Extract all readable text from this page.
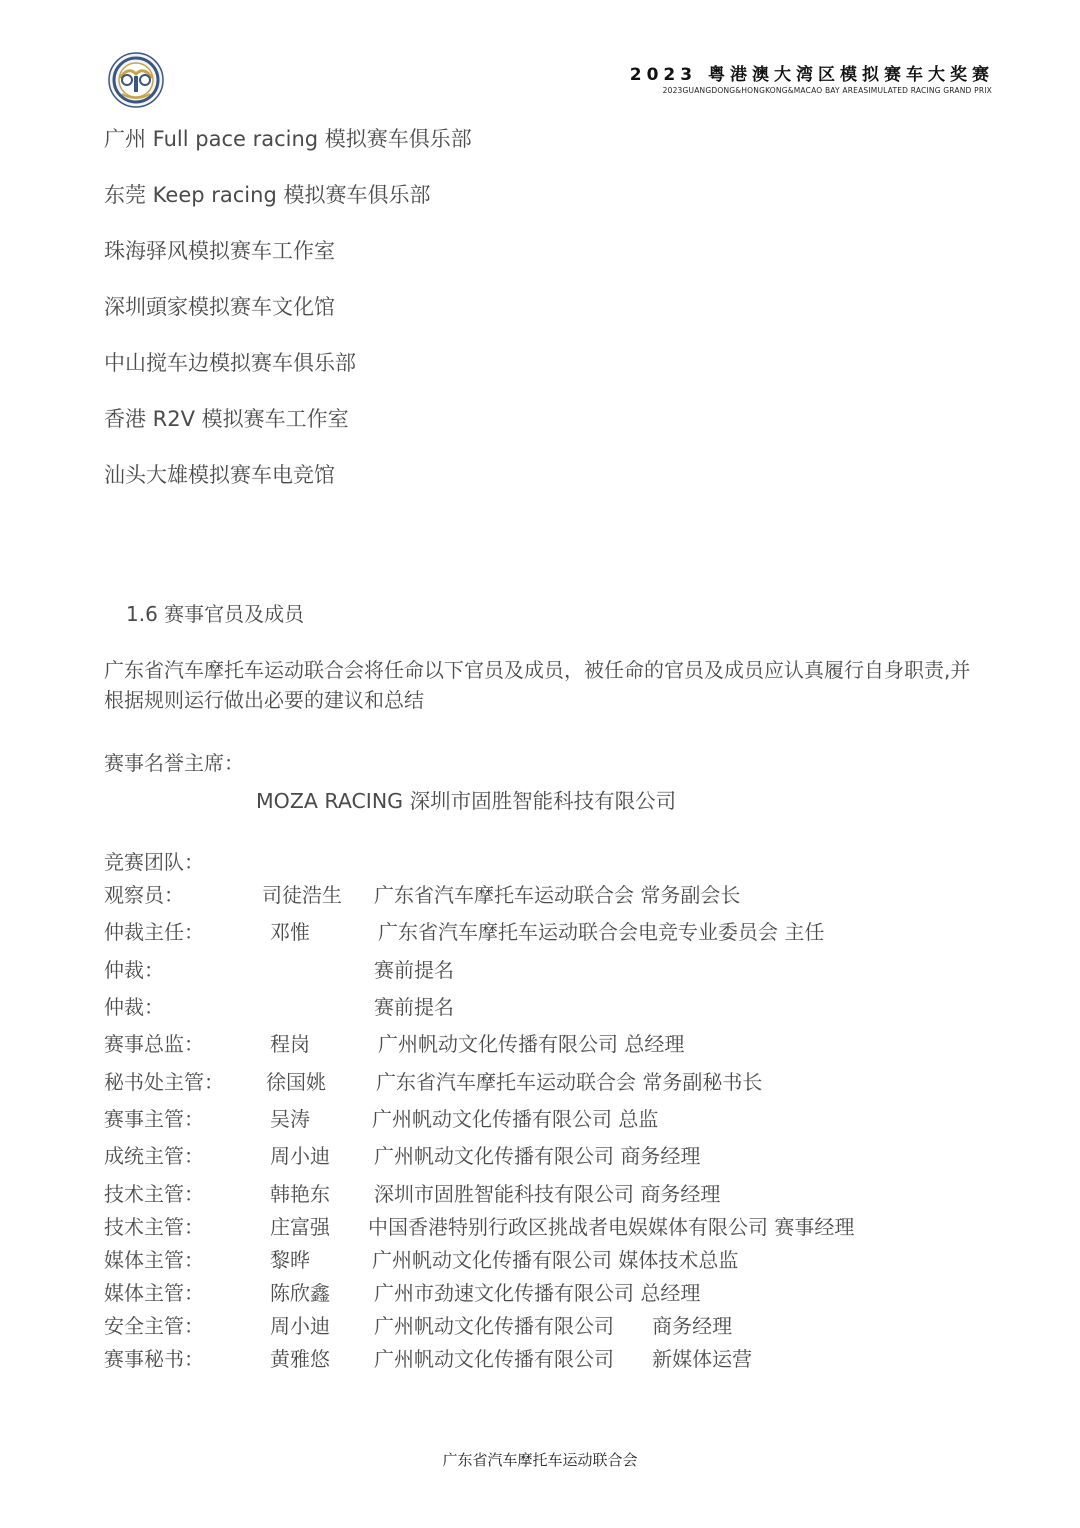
2023 粤港澳大湾区模拟赛车大奖赛
2023GUANGDONG&HONGKONG&MACAO BAY AREASIMULATED RACING GRAND PRIX
广州 Full pace racing 模拟赛车俱乐部
东莞 Keep racing 模拟赛车俱乐部
珠海驿风模拟赛车工作室
深圳頭家模拟赛车文化馆
中山搅车边模拟赛车俱乐部
香港 R2V 模拟赛车工作室
汕头大雄模拟赛车电竞馆
1.6 赛事官员及成员
广东省汽车摩托车运动联合会将任命以下官员及成员，被任命的官员及成员应认真履行自身职责,并根据规则运行做出必要的建议和总结
赛事名誉主席：
MOZA RACING 深圳市固胜智能科技有限公司
竞赛团队：
观察员：	司徒浩生 广东省汽车摩托车运动联合会 常务副会长
仲裁主任：	邓惟	广东省汽车摩托车运动联合会电竞专业委员会 主任
仲裁：	赛前提名
仲裁：	赛前提名
赛事总监：	程岗	广州帆动文化传播有限公司 总经理
秘书处主管： 徐国姚	广东省汽车摩托车运动联合会 常务副秘书长
赛事主管：	吴涛	广州帆动文化传播有限公司 总监
成统主管：	周小迪 广州帆动文化传播有限公司 商务经理
技术主管：	韩艳东 深圳市固胜智能科技有限公司 商务经理
技术主管：	庄富强 中国香港特别行政区挑战者电娱媒体有限公司 赛事经理
媒体主管：	黎晔	广州帆动文化传播有限公司 媒体技术总监
媒体主管：	陈欣鑫 广州市劲速文化传播有限公司 总经理
安全主管：	周小迪 广州帆动文化传播有限公司      商务经理
赛事秘书：	黄雅悠 广州帆动文化传播有限公司      新媒体运营
广东省汽车摩托车运动联合会
